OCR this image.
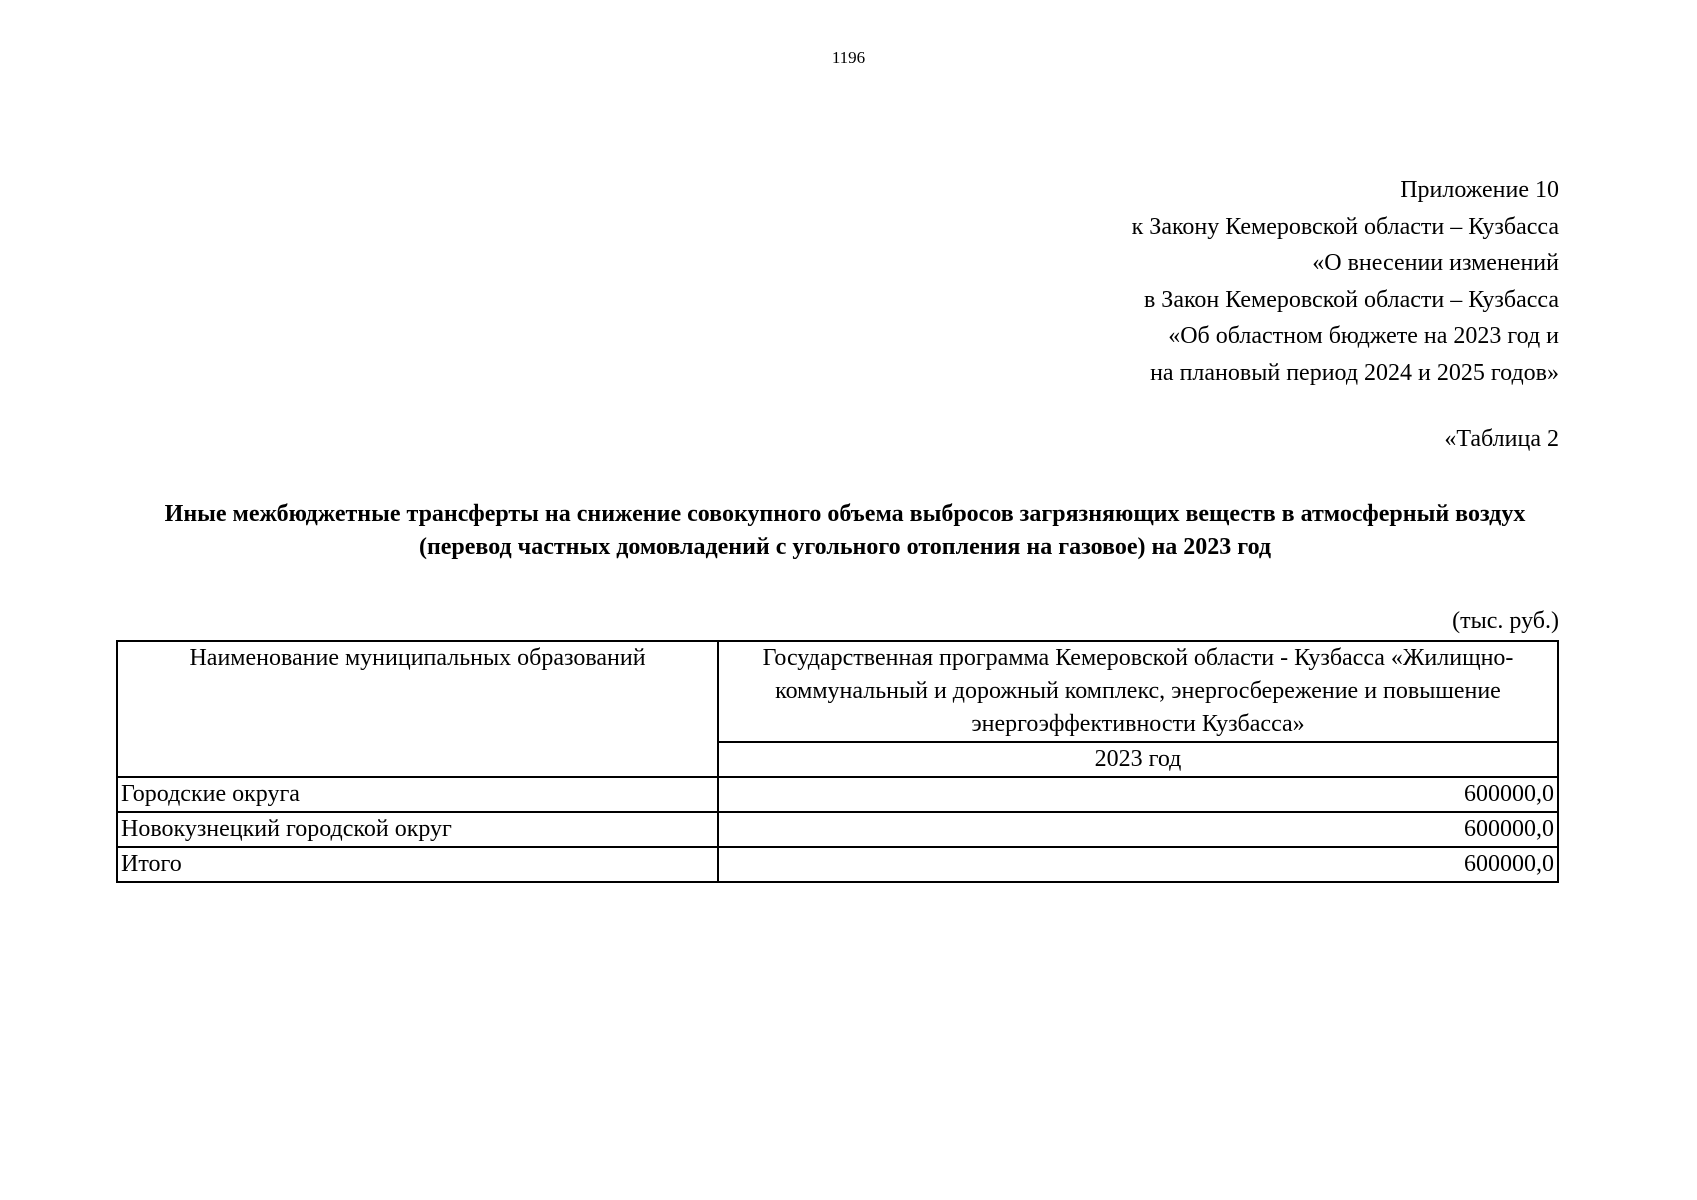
1196
Приложение 10
к Закону Кемеровской области – Кузбасса
«О внесении изменений
в Закон Кемеровской области – Кузбасса
«Об областном бюджете на 2023 год и
на плановый период 2024 и 2025 годов»
«Таблица 2
Иные межбюджетные трансферты на снижение совокупного объема выбросов загрязняющих веществ в атмосферный воздух (перевод частных домовладений с угольного отопления на газовое) на 2023 год
(тыс. руб.)
Наименование муниципальных образований	Государственная программа Кемеровской области - Кузбасса «Жилищно-коммунальный и дорожный комплекс, энергосбережение и повышение энергоэффективности Кузбасса»
	2023 год
Городские округа	600000,0
Новокузнецкий городской округ	600000,0
Итого	600000,0
